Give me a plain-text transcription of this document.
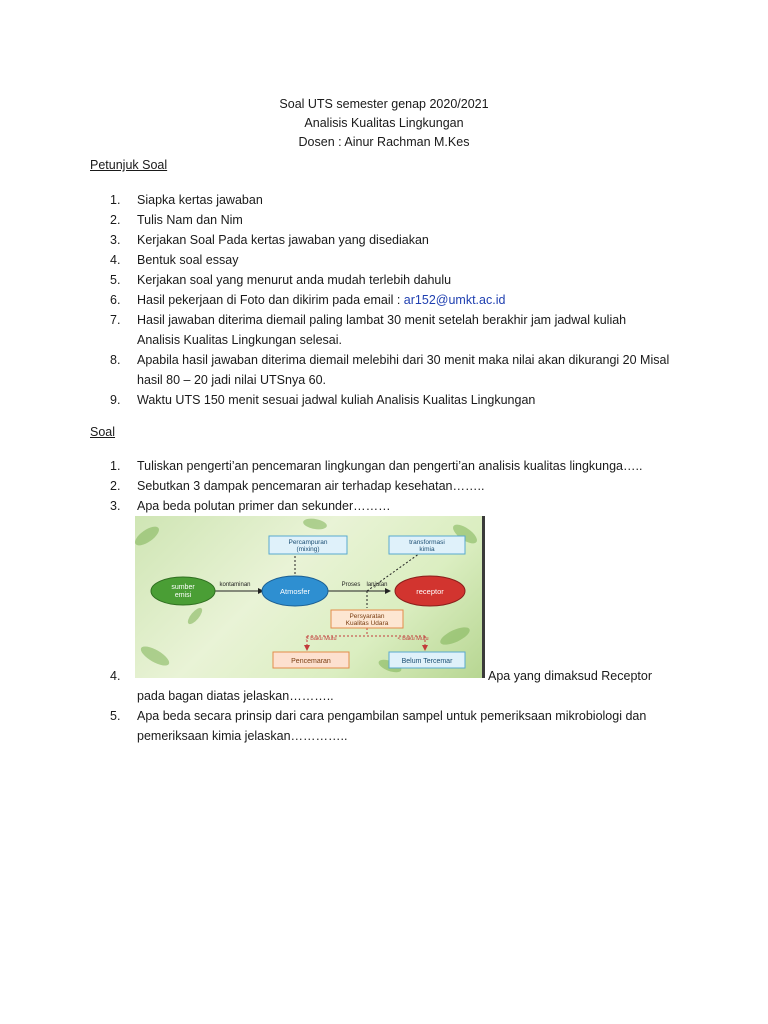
Soal UTS semester genap 2020/2021
Analisis Kualitas Lingkungan
Dosen : Ainur Rachman M.Kes
Petunjuk Soal
1. Siapka kertas jawaban
2. Tulis Nam dan Nim
3. Kerjakan Soal Pada kertas jawaban yang disediakan
4. Bentuk soal essay
5. Kerjakan soal yang menurut anda mudah terlebih dahulu
6. Hasil pekerjaan di Foto dan dikirim pada email : ar152@umkt.ac.id
7. Hasil jawaban diterima diemail paling lambat 30 menit setelah berakhir jam jadwal kuliah Analisis Kualitas Lingkungan selesai.
8. Apabila hasil jawaban diterima diemail melebihi dari 30 menit maka nilai akan dikurangi 20 Misal hasil 80 – 20 jadi nilai UTSnya 60.
9. Waktu UTS 150 menit sesuai jadwal kuliah Analisis Kualitas Lingkungan
Soal
1. Tuliskan pengerti’an pencemaran lingkungan dan pengerti’an analisis kualitas lingkunga…..
2. Sebutkan 3 dampak pencemaran air terhadap kesehatan……..
3. Apa beda polutan primer dan sekunder………
sumber
emisi	Atmosfer	receptor
kontaminan	Proses lanjutan
Percampuran
(mixing)
transformasi
kimia
Persyaratan
Kualitas Udara
> Baku Mutu	< Baku Mutu
Pencemaran	Belum Tercemar
4.	Apa yang dimaksud Receptor
pada bagan diatas jelaskan………..
5. Apa beda secara prinsip dari cara pengambilan sampel untuk pemeriksaan mikrobiologi dan pemeriksaan kimia jelaskan…………..
